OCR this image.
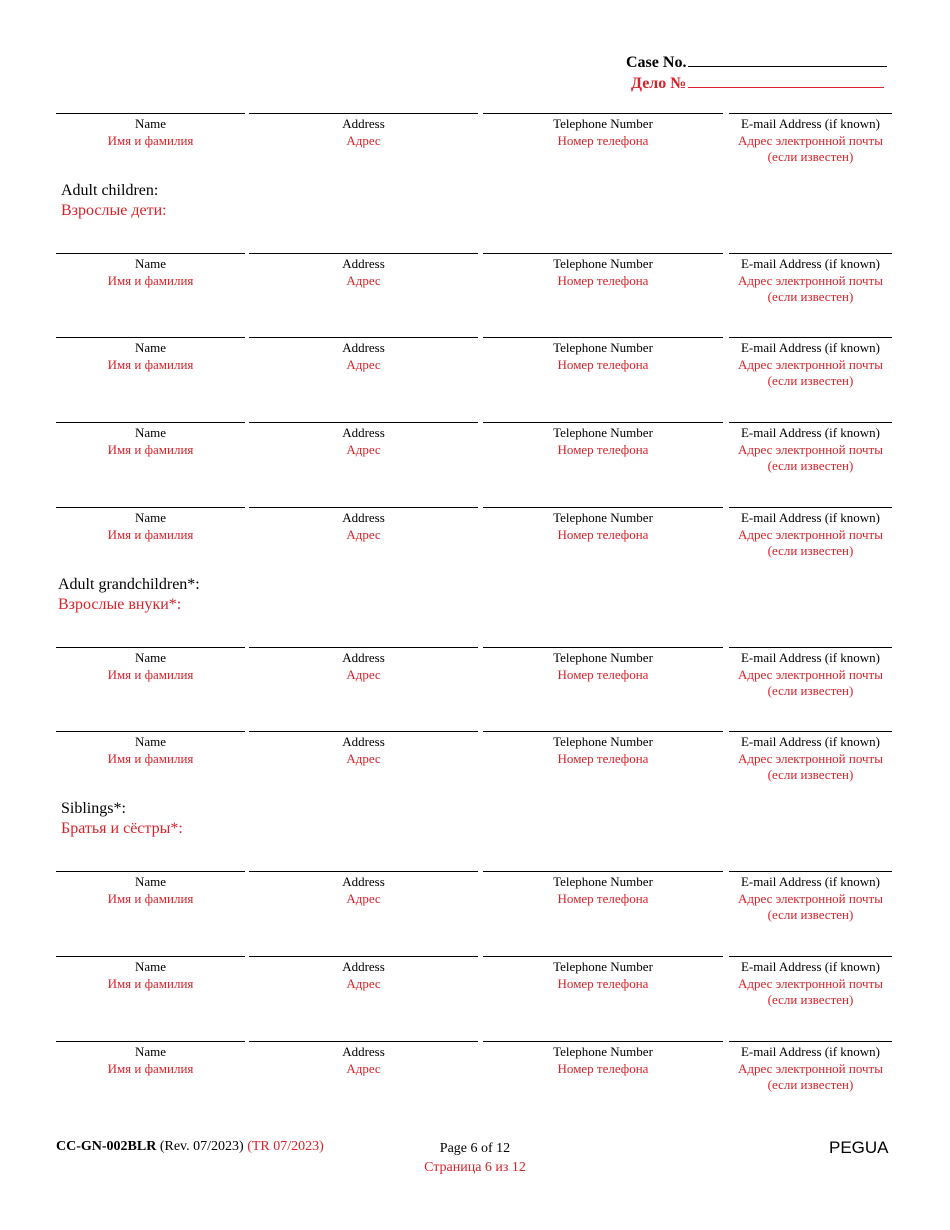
Case No.
Дело №
Name
Имя и фамилия
Address
Адрес
Telephone Number
Номер телефона
E-mail Address (if known)
Адрес электронной почты
(если известен)
Adult children:
Взрослые дети:
Name
Имя и фамилия
Address
Адрес
Telephone Number
Номер телефона
E-mail Address (if known)
Адрес электронной почты
(если известен)
Name
Имя и фамилия
Address
Адрес
Telephone Number
Номер телефона
E-mail Address (if known)
Адрес электронной почты
(если известен)
Name
Имя и фамилия
Address
Адрес
Telephone Number
Номер телефона
E-mail Address (if known)
Адрес электронной почты
(если известен)
Name
Имя и фамилия
Address
Адрес
Telephone Number
Номер телефона
E-mail Address (if known)
Адрес электронной почты
(если известен)
Adult grandchildren*:
Взрослые внуки*:
Name
Имя и фамилия
Address
Адрес
Telephone Number
Номер телефона
E-mail Address (if known)
Адрес электронной почты
(если известен)
Name
Имя и фамилия
Address
Адрес
Telephone Number
Номер телефона
E-mail Address (if known)
Адрес электронной почты
(если известен)
Siblings*:
Братья и сёстры*:
Name
Имя и фамилия
Address
Адрес
Telephone Number
Номер телефона
E-mail Address (if known)
Адрес электронной почты
(если известен)
Name
Имя и фамилия
Address
Адрес
Telephone Number
Номер телефона
E-mail Address (if known)
Адрес электронной почты
(если известен)
Name
Имя и фамилия
Address
Адрес
Telephone Number
Номер телефона
E-mail Address (if known)
Адрес электронной почты
(если известен)
CC-GN-002BLR (Rev. 07/2023) (TR 07/2023)	Page 6 of 12
Страница 6 из 12
PEGUA
